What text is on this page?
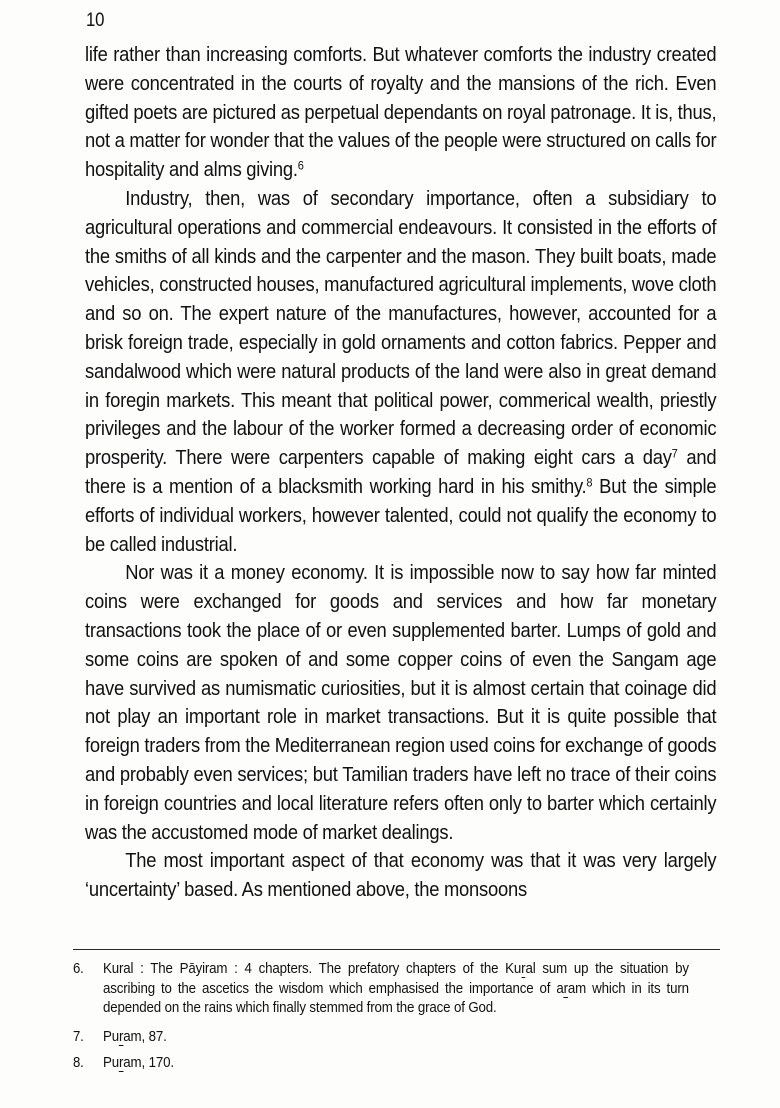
10

life rather than increasing comforts. But whatever comforts the industry created were concentrated in the courts of royalty and the mansions of the rich. Even gifted poets are pictured as perpetual dependants on royal patronage. It is, thus, not a matter for wonder that the values of the people were structured on calls for hospitality and alms giving.$^6$

Industry, then, was of secondary importance, often a subsidiary to agricultural operations and commercial endeavours. It consisted in the efforts of the smiths of all kinds and the carpenter and the mason. They built boats, made vehicles, constructed houses, manufactured agricultural implements, wove cloth and so on. The expert nature of the manufactures, however, accounted for a brisk foreign trade, especially in gold ornaments and cotton fabrics. Pepper and sandalwood which were natural products of the land were also in great demand in foregin markets. This meant that political power, commerical wealth, priestly privileges and the labour of the worker formed a decreasing order of economic prosperity. There were carpenters capable of making eight cars a day$^7$ and there is a mention of a blacksmith working hard in his smithy.$^8$ But the simple efforts of individual workers, however talented, could not qualify the economy to be called industrial.

Nor was it a money economy. It is impossible now to say how far minted coins were exchanged for goods and services and how far monetary transactions took the place of or even supplemented barter. Lumps of gold and some coins are spoken of and some copper coins of even the Sangam age have survived as numismatic curiosities, but it is almost certain that coinage did not play an important role in market transactions. But it is quite possible that foreign traders from the Mediterranean region used coins for exchange of goods and probably even services; but Tamilian traders have left no trace of their coins in foreign countries and local literature refers often only to barter which certainly was the accustomed mode of market dealings.

The most important aspect of that economy was that it was very largely ‘uncertainty’ based. As mentioned above, the monsoons

6.	Kural : The Pāyiram : 4 chapters. The prefatory chapters of the Kural sum up the situation by ascribing to the ascetics the wisdom which emphasised the importance of aram which in its turn depended on the rains which finally stemmed from the grace of God.
7.	Puram, 87.
8.	Puram, 170.
